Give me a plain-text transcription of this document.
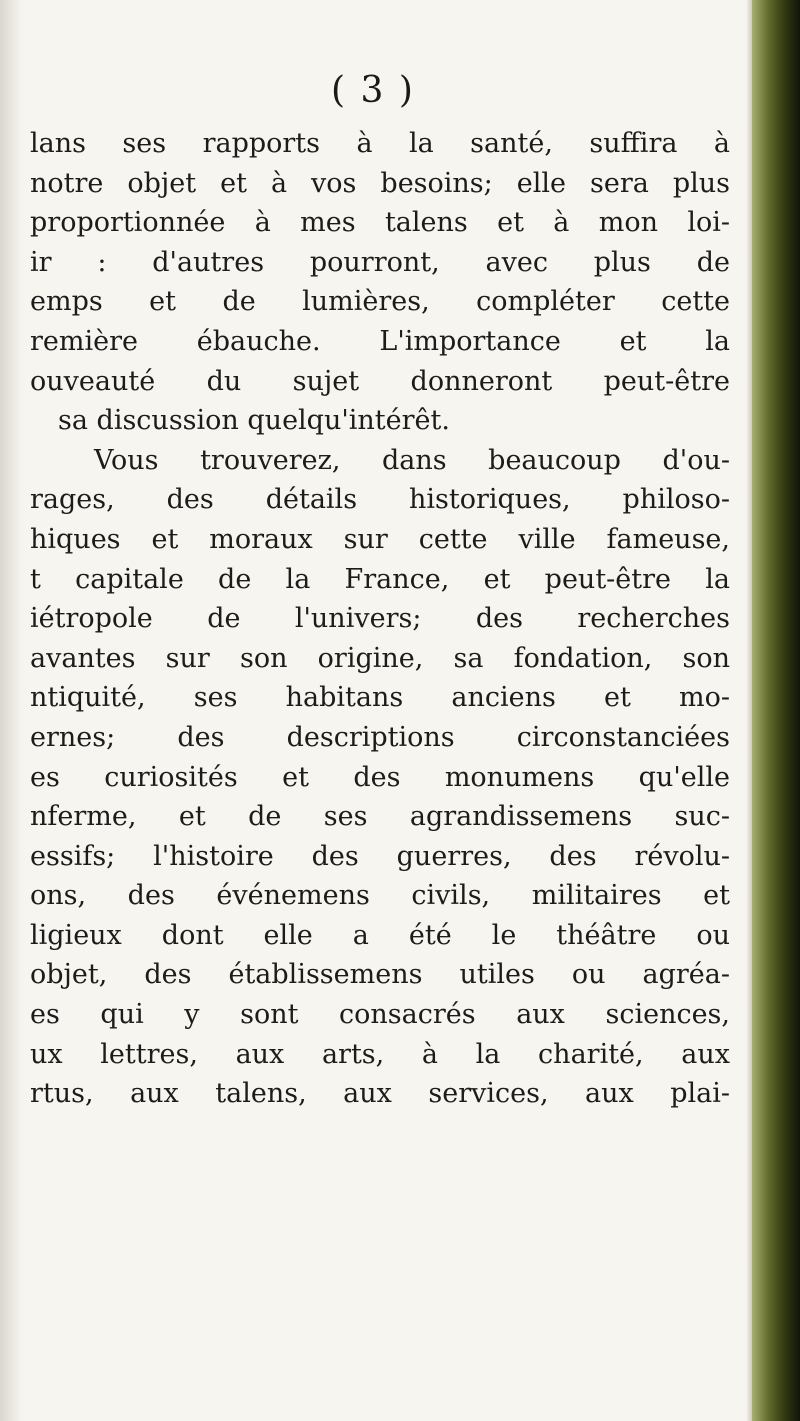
( 3 )
lans ses rapports à la santé, suffira à
notre objet et à vos besoins; elle sera plus
proportionnée à mes talens et à mon loi-
ir : d'autres pourront, avec plus de
emps et de lumières, compléter cette
remière ébauche. L'importance et la
ouveauté du sujet donneront peut-être
sa discussion quelqu'intérêt.
Vous trouverez, dans beaucoup d'ou-
rages, des détails historiques, philoso-
hiques et moraux sur cette ville fameuse,
t capitale de la France, et peut-être la
iétropole de l'univers; des recherches
avantes sur son origine, sa fondation, son
ntiquité, ses habitans anciens et mo-
ernes; des descriptions circonstanciées
es curiosités et des monumens qu'elle
nferme, et de ses agrandissemens suc-
essifs; l'histoire des guerres, des révolu-
ons, des événemens civils, militaires et
ligieux dont elle a été le théâtre ou
objet, des établissemens utiles ou agréa-
es qui y sont consacrés aux sciences,
ux lettres, aux arts, à la charité, aux
rtus, aux talens, aux services, aux plai-
